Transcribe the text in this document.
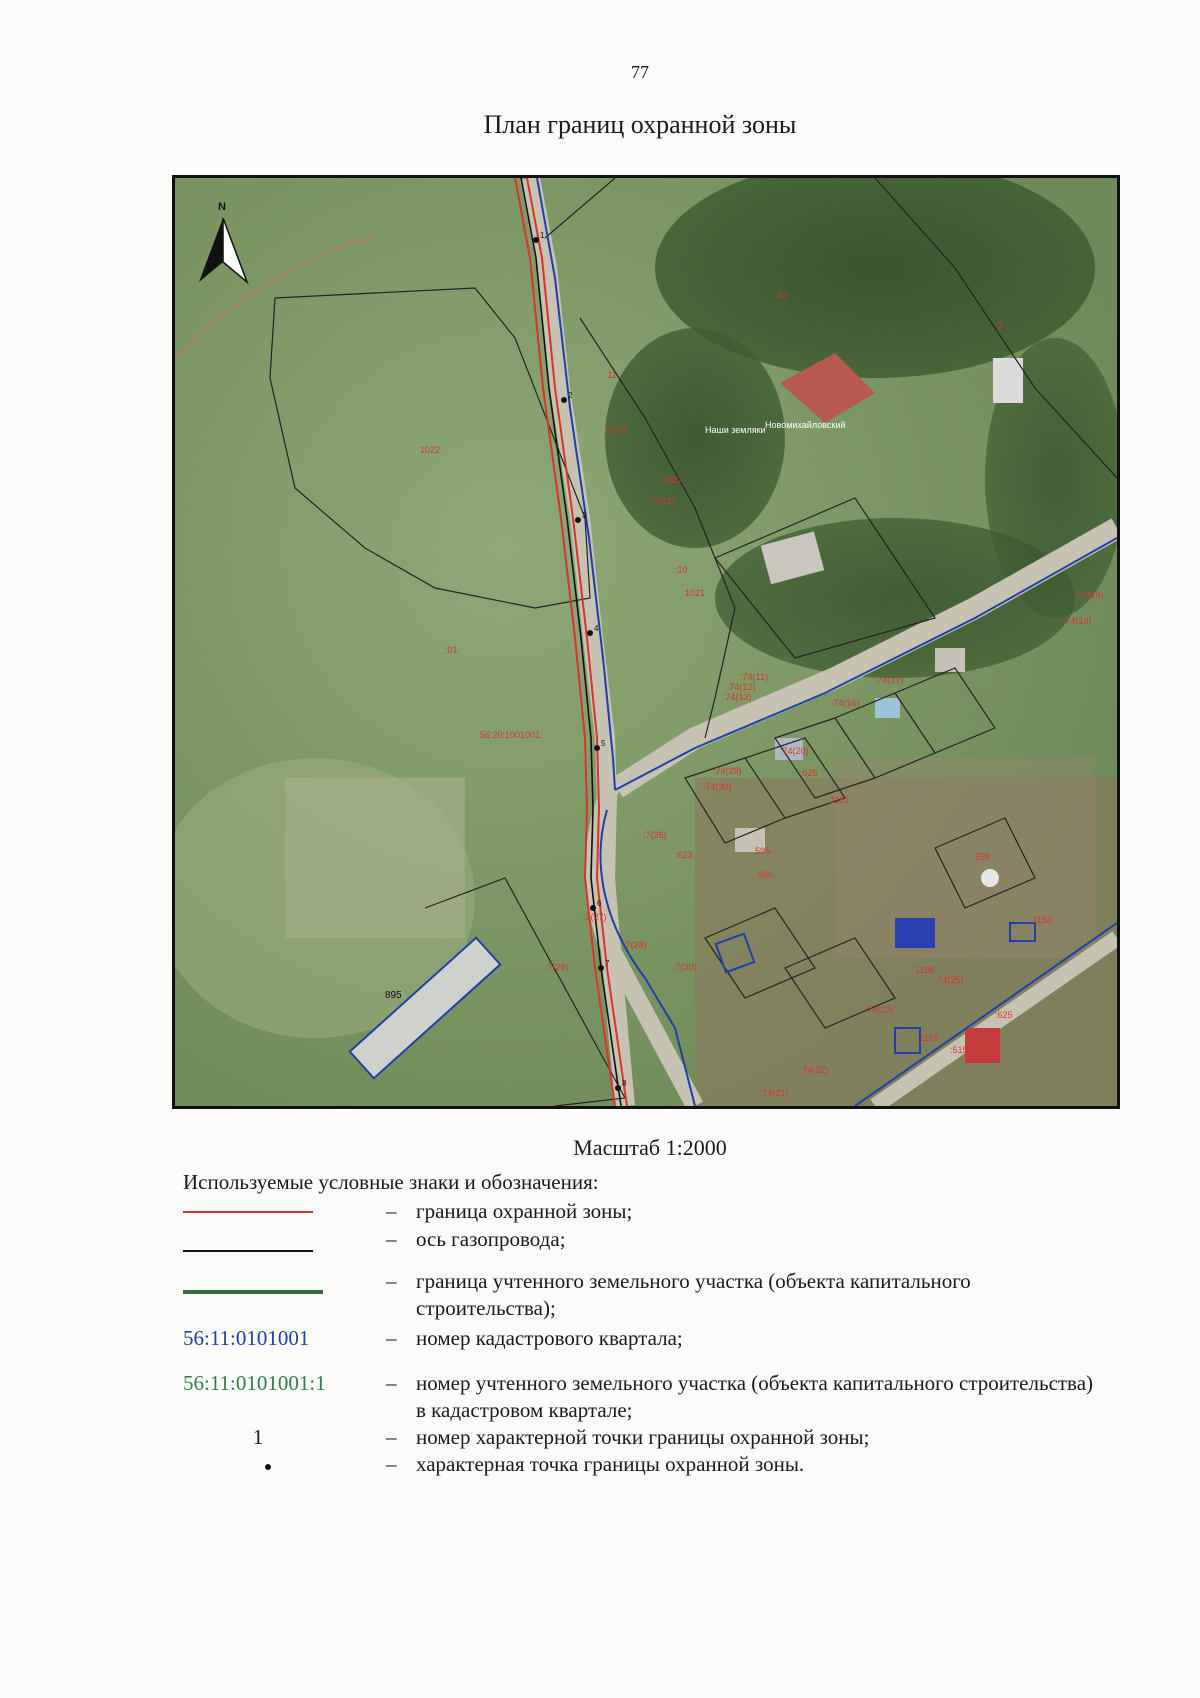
77
План границ охранной зоны
56:20:1001001
1022
:01
:7(25)
1020
:7(31)
1021
:74(11)
:74(12)
:74(13)
:74(17)
:74(18)
:74(19)
:74(16)
:74(20)
:74(29)
:74(30)
:7(26)
:623
:7(27)
:7(28)
:7(29)	:7(30)
595
590
1181
:625
599
1186
:74(25)
:74(23)
:74(22)
:74(21)
:515
:625
:1155
:1156
:13
:1
:11
:10
Наши земляки Новомихайловский
895
1
2
3
4
5
6
7
8
N
Масштаб 1:2000
Используемые условные знаки и обозначения:
– граница охранной зоны;
– ось газопровода;
– граница учтенного земельного участка (объекта капитального строительства);
56:11:0101001	– номер кадастрового квартала;
56:11:0101001:1	– номер учтенного земельного участка (объекта капитального строительства) в кадастровом квартале;
1	– номер характерной точки границы охранной зоны;
– характерная точка границы охранной зоны.
